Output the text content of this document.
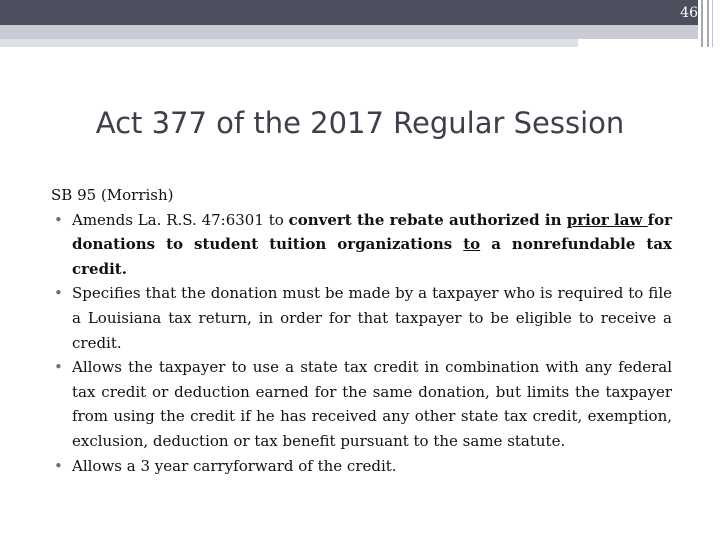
46
Act 377 of the 2017 Regular Session

SB 95 (Morrish)

• Amends La. R.S. 47:6301 to convert the rebate authorized in prior law for donations to student tuition organizations to a nonrefundable tax credit.
• Specifies that the donation must be made by a taxpayer who is required to file a Louisiana tax return, in order for that taxpayer to be eligible to receive a credit.
• Allows the taxpayer to use a state tax credit in combination with any federal tax credit or deduction earned for the same donation, but limits the taxpayer from using the credit if he has received any other state tax credit, exemption, exclusion, deduction or tax benefit pursuant to the same statute.
• Allows a 3 year carryforward of the credit.
